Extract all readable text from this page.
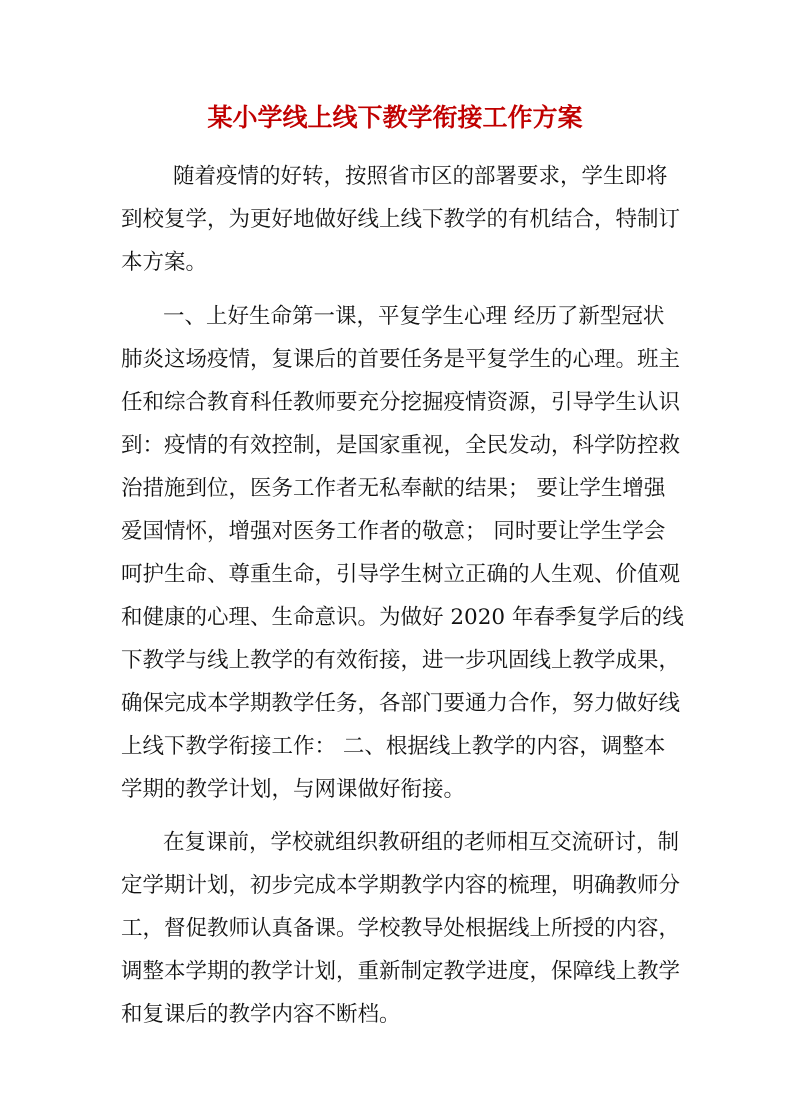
某小学线上线下教学衔接工作方案
随着疫情的好转，按照省市区的部署要求，学生即将
到校复学，为更好地做好线上线下教学的有机结合，特制订
本方案。
一、上好生命第一课，平复学生心理 经历了新型冠状
肺炎这场疫情，复课后的首要任务是平复学生的心理。班主
任和综合教育科任教师要充分挖掘疫情资源，引导学生认识
到：疫情的有效控制，是国家重视，全民发动，科学防控救
治措施到位，医务工作者无私奉献的结果； 要让学生增强
爱国情怀，增强对医务工作者的敬意； 同时要让学生学会
呵护生命、尊重生命，引导学生树立正确的人生观、价值观
和健康的心理、生命意识。为做好 2020 年春季复学后的线
下教学与线上教学的有效衔接，进一步巩固线上教学成果，
确保完成本学期教学任务，各部门要通力合作，努力做好线
上线下教学衔接工作： 二、根据线上教学的内容，调整本
学期的教学计划，与网课做好衔接。
在复课前，学校就组织教研组的老师相互交流研讨，制
定学期计划，初步完成本学期教学内容的梳理，明确教师分
工，督促教师认真备课。学校教导处根据线上所授的内容，
调整本学期的教学计划，重新制定教学进度，保障线上教学
和复课后的教学内容不断档。
